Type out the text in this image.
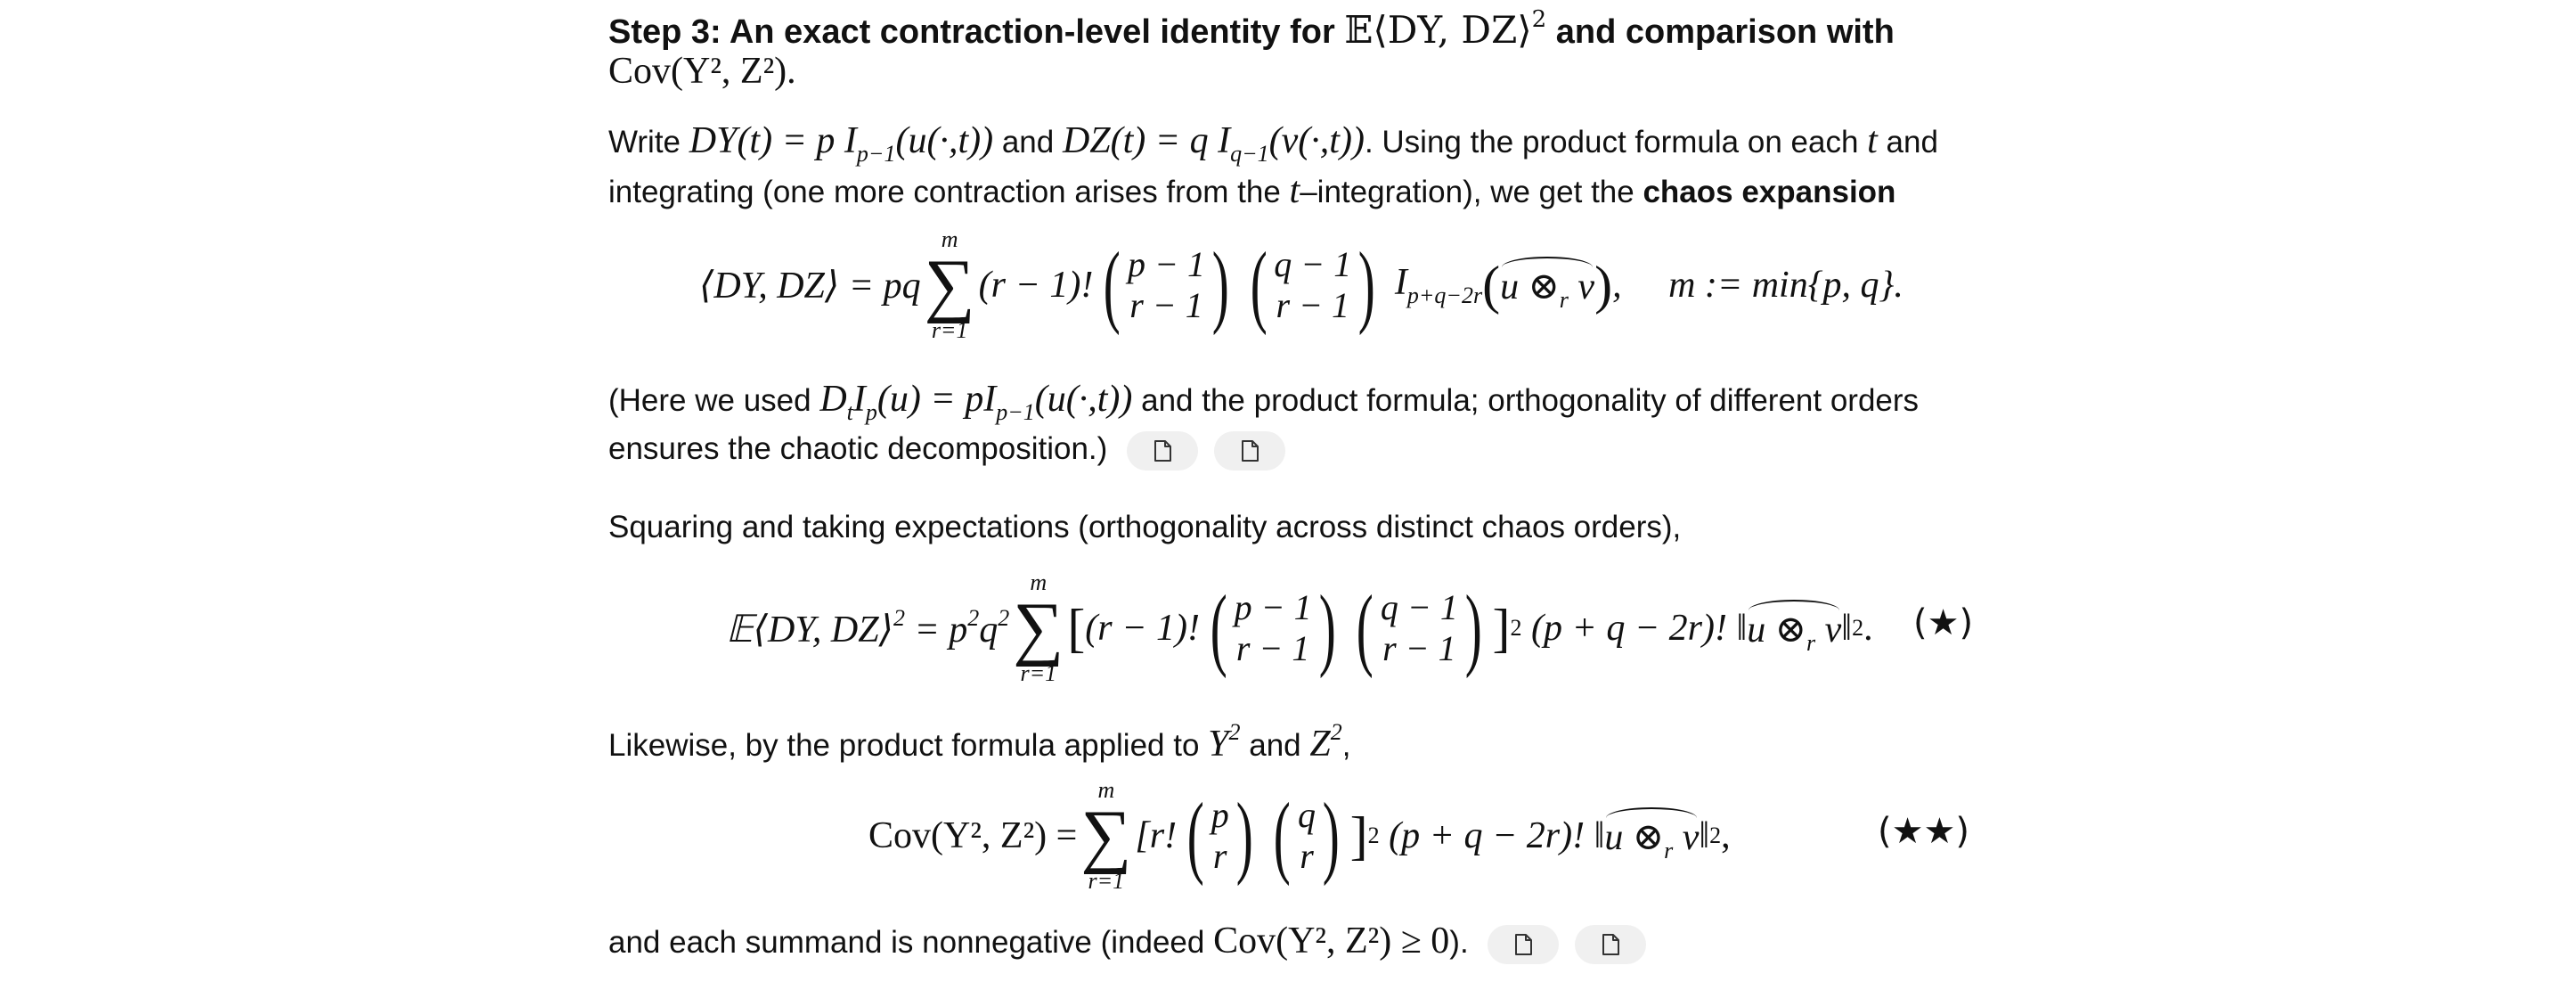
Step 3: An exact contraction-level identity for 𝔼⟨DY, DZ⟩$^2$ and comparison with
Cov(Y², Z²).
Write DY(t) = p $I_{p-1}(u(\cdot,t))$ and DZ(t) = q $I_{q-1}(v(\cdot,t))$. Using the product formula on each t and
integrating (one more contraction arises from the t–integration), we get the chaos expansion
(Here we used $D_tI_p(u) = pI_{p-1}(u(\cdot,t))$ and the product formula; orthogonality of different orders
ensures the chaotic decomposition.)
Squaring and taking expectations (orthogonality across distinct chaos orders),
Likewise, by the product formula applied to $Y^2$ and $Z^2$,
and each summand is nonnegative (indeed Cov(Y², Z²) ≥ 0).
⟨DY, DZ⟩ = pq
m
∑
r=1
(r − 1)! ( p − 1
r − 1 ) ( q − 1
r − 1 ) $I_{p+q-2r}$ ( u $\otimes_r$ v ) ,     m := min{p, q}.
𝔼⟨DY, DZ⟩$^2$ = $p^2q^2$
m
∑
r=1
[ (r − 1)! ( p − 1
r − 1 ) ( q − 1
r − 1 ) ] 2 (p + q − 2r)! ‖ u $\otimes_r$ v ‖ 2 . (★)
Cov(Y², Z²) =
m
∑
r=1
[r! ( p
r ) ( q
r ) ] 2 (p + q − 2r)! ‖ u $\otimes_r$ v ‖ 2 ,	(★★)
